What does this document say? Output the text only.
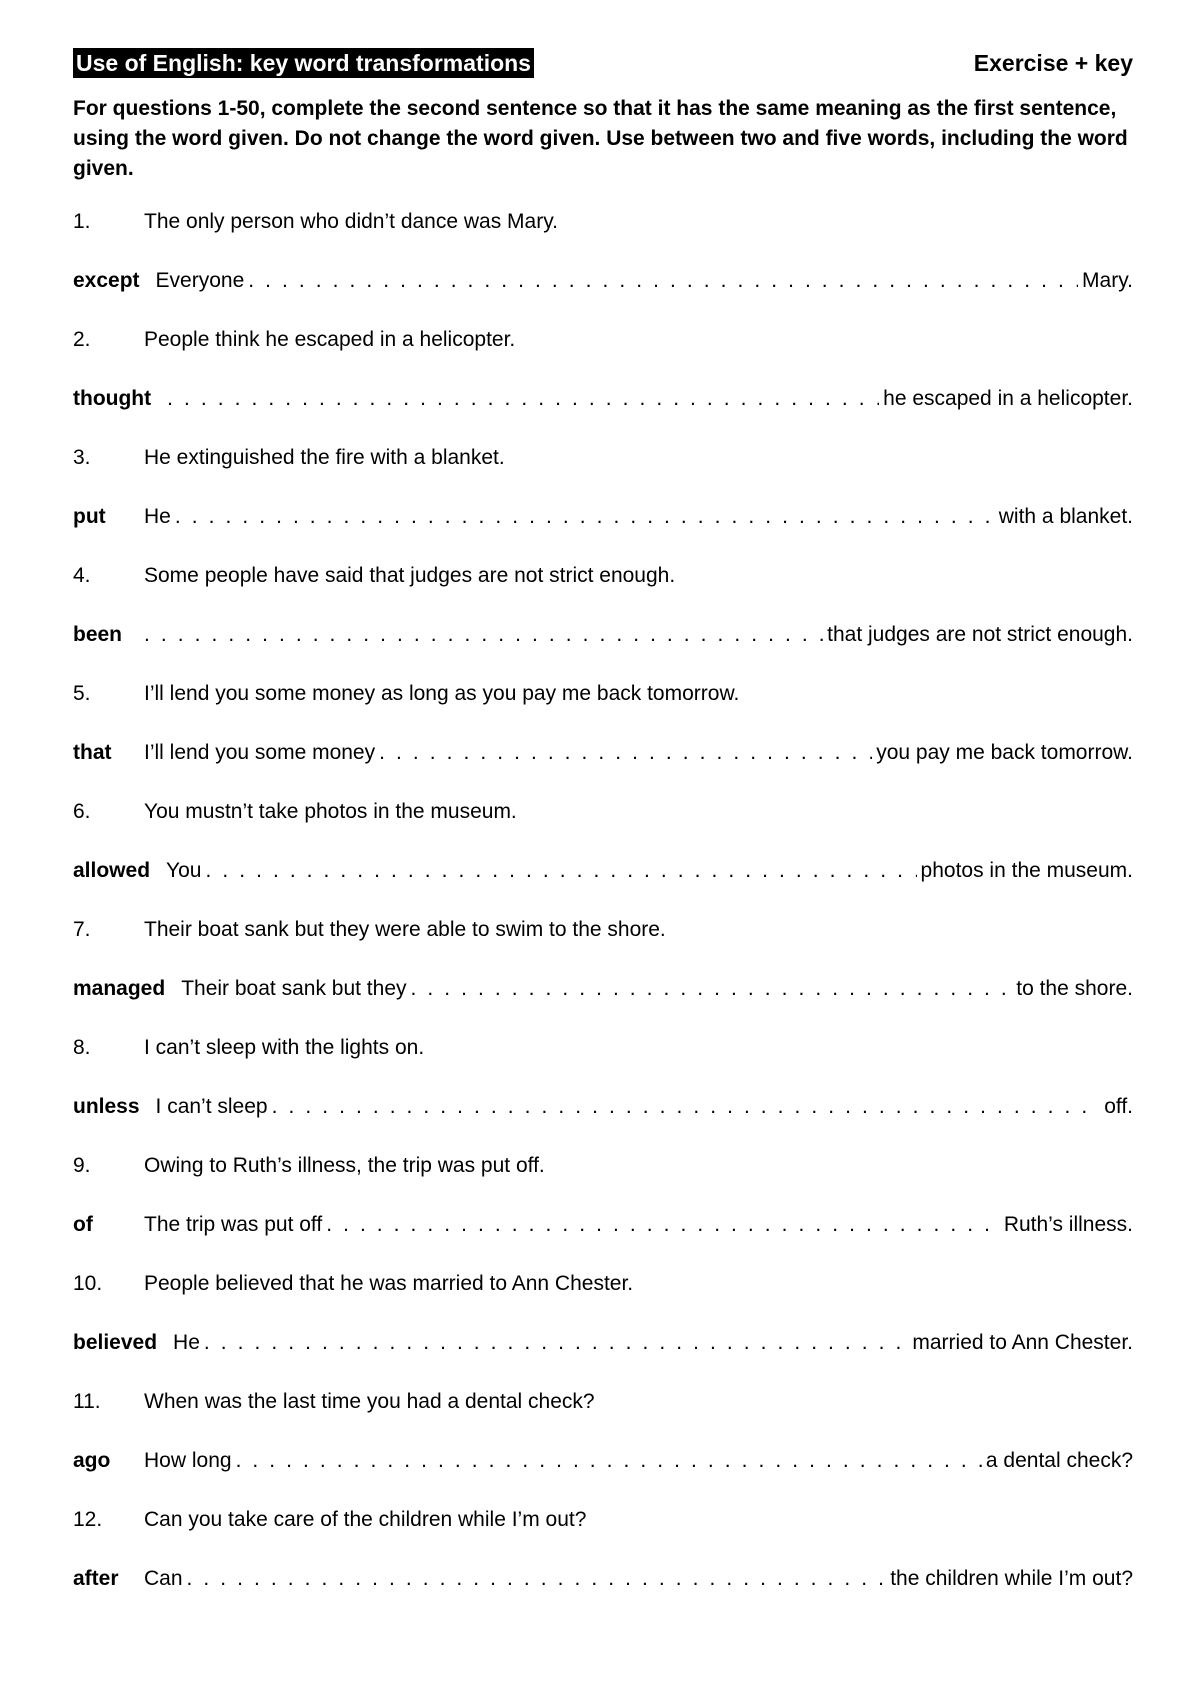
Use of English: key word transformations	Exercise + key

For questions 1-50, complete the second sentence so that it has the same meaning as the first sentence, using the word given. Do not change the word given. Use between two and five words, including the word given.

1.	The only person who didn’t dance was Mary.
except Everyone . . .	Mary.
2.	People think he escaped in a helicopter.
thought . . .	he escaped in a helicopter.
3.	He extinguished the fire with a blanket.
put	He . . .	with a blanket.
4.	Some people have said that judges are not strict enough.
been . . .	that judges are not strict enough.
5.	I’ll lend you some money as long as you pay me back tomorrow.
that	I’ll lend you some money . . .	you pay me back tomorrow.
6.	You mustn’t take photos in the museum.
allowed You . . .	photos in the museum.
7.	Their boat sank but they were able to swim to the shore.
managed Their boat sank but they . . .	to the shore.
8.	I can’t sleep with the lights on.
unless I can’t sleep . . .	off.
9.	Owing to Ruth’s illness, the trip was put off.
of	The trip was put off . . .	Ruth’s illness.
10.	People believed that he was married to Ann Chester.
believed He . . .	married to Ann Chester.
11.	When was the last time you had a dental check?
ago	How long . . .	a dental check?
12.	Can you take care of the children while I’m out?
after	Can . . .	the children while I’m out?
